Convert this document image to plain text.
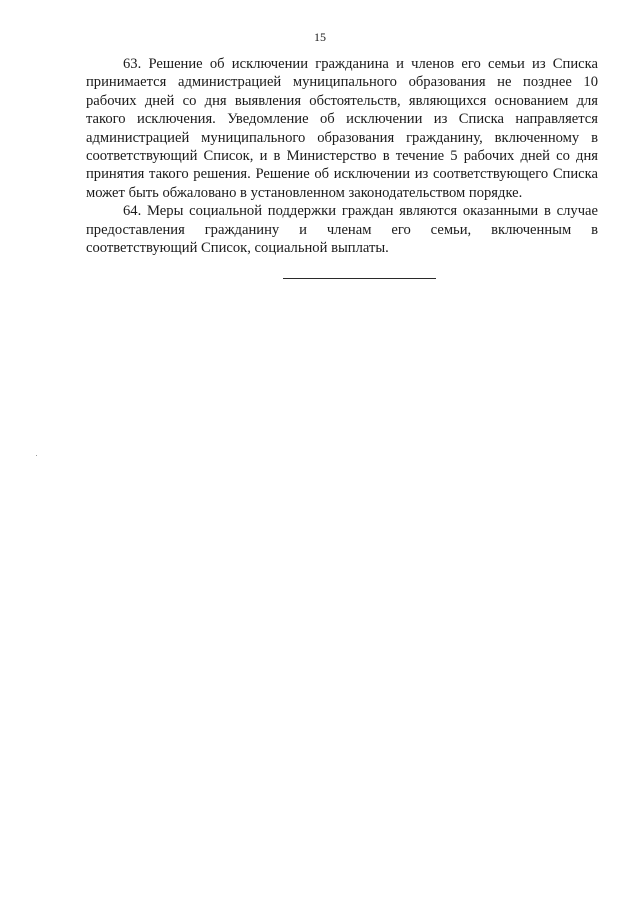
15

63. Решение об исключении гражданина и членов его семьи из Списка принимается администрацией муниципального образования не позднее 10 рабочих дней со дня выявления обстоятельств, являющихся основанием для такого исключения. Уведомление об исключении из Списка направляется администрацией муниципального образования гражданину, включенному в соответствующий Список, и в Министерство в течение 5 рабочих дней со дня принятия такого решения. Решение об исключении из соответствующего Списка может быть обжаловано в установленном законодательством порядке.

64. Меры социальной поддержки граждан являются оказанными в случае предоставления гражданину и членам его семьи, включенным в соответствующий Список, социальной выплаты.
